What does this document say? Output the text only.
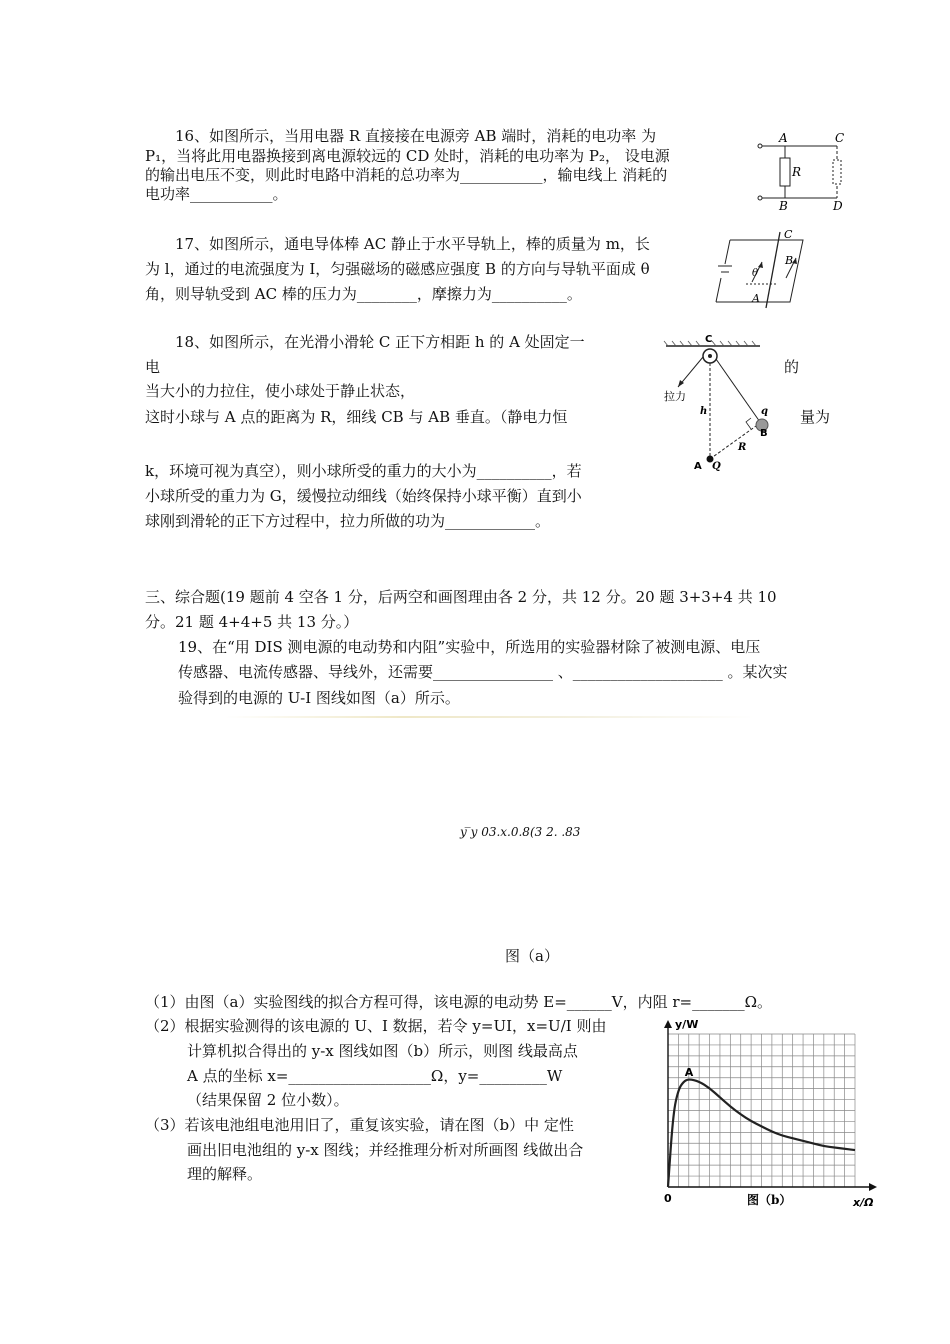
16、如图所示，当用电器 R 直接接在电源旁 AB 端时，消耗的电功率 为
P₁，当将此用电器换接到离电源较远的 CD 处时，消耗的电功率为 P₂， 设电源
的输出电压不变，则此时电路中消耗的总功率为___________，输电线上 消耗的
电功率___________。
A
B
C
D
R
17、如图所示，通电导体棒 AC 静止于水平导轨上，棒的质量为 m，长
为 l，通过的电流强度为 I，匀强磁场的磁感应强度 B 的方向与导轨平面成 θ
角，则导轨受到 AC 棒的压力为________，摩擦力为__________。
C
A
B
θ
18、如图所示，在光滑小滑轮 C 正下方相距 h 的 A 处固定一
电	的
当大小的力拉住，使小球处于静止状态，
这时小球与 A 点的距离为 R，细线 CB 与 AB 垂直。（静电力恒	量为
k，环境可视为真空），则小球所受的重力的大小为__________，若
小球所受的重力为 G，缓慢拉动细线（始终保持小球平衡）直到小
球刚到滑轮的正下方过程中，拉力所做的功为____________。
C
拉力
h	q
B
R
A Q
三、综合题(19 题前 4 空各 1 分，后两空和画图理由各 2 分，共 12 分。20 题 3+3+4 共 10
分。21 题 4+4+5 共 13 分。）
19、在“用 DIS 测电源的电动势和内阻”实验中，所选用的实验器材除了被测电源、电压
传感器、电流传感器、导线外，还需要________________ 、____________________ 。某次实
验得到的电源的 U-I 图线如图（a）所示。
y ̅y 03.x.0.8(3 2. .83
图（a）
（1）由图（a）实验图线的拟合方程可得，该电源的电动势 E=______V，内阻 r=_______Ω。
（2）根据实验测得的该电源的 U、I 数据，若令 y=UI，x=U/I 则由
计算机拟合得出的 y-x 图线如图（b）所示，则图 线最高点
A 点的坐标 x=___________________Ω，y=_________W
（结果保留 2 位小数）。
（3）若该电池组电池用旧了，重复该实验，请在图（b）中 定性
画出旧电池组的 y-x 图线；并经推理分析对所画图 线做出合
理的解释。
y/W
x/Ω
0
A
图（b）
